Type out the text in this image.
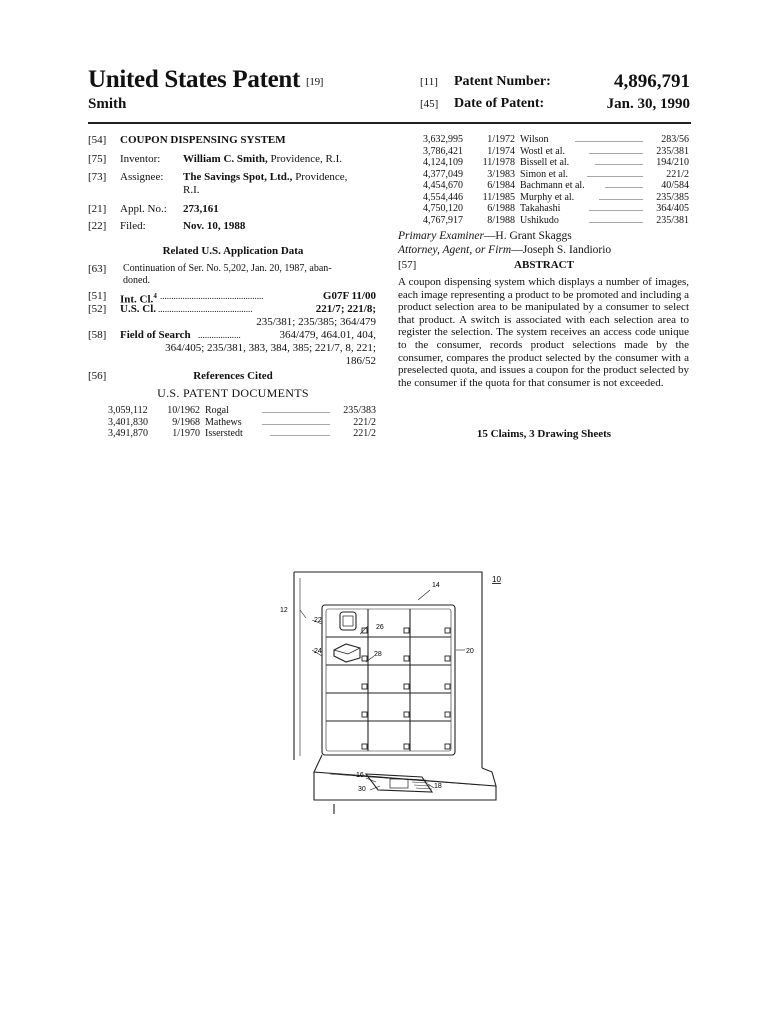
United States Patent [19]
Smith
[11] Patent Number:	4,896,791
[45] Date of Patent:	Jan. 30, 1990
[54] COUPON DISPENSING SYSTEM
[75] Inventor: William C. Smith, Providence, R.I.
[73] Assignee: The Savings Spot, Ltd., Providence,
R.I.
[21] Appl. No.: 273,161
[22] Filed:	Nov. 10, 1988
Related U.S. Application Data
[63] Continuation of Ser. No. 5,202, Jan. 20, 1987, aban-
doned.
[51] Int. Cl.$^4$ ..............................................	G07F 11/00
[52] U.S. Cl. ..........................................	221/7; 221/8;
235/381; 235/385; 364/479
[58] Field of Search ...................	364/479, 464.01, 404,
364/405; 235/381, 383, 384, 385; 221/7, 8, 221;
186/52
[56]	References Cited
U.S. PATENT DOCUMENTS
3,059,112	10/1962 Rogal	.................................. 235/383
3,401,830	9/1968 Mathews	.................................. 221/2
3,491,870	1/1970 Isserstedt	.............................. 221/2
3,632,995	1/1972 Wilson	.................................. 283/56
3,786,421	1/1974 Wostl et al.	........................... 235/381
4,124,109	11/1978 Bissell et al.	........................ 194/210
4,377,049	3/1983 Simon et al. ............................ 221/2
4,454,670	6/1984 Bachmann et al.	................... 40/584
4,554,446	11/1985 Murphy et al.	...................... 235/385
4,750,120	6/1988 Takahashi	........................... 364/405
4,767,917	8/1988 Ushikudo	........................... 235/381
Primary Examiner—H. Grant Skaggs
Attorney, Agent, or Firm—Joseph S. Iandiorio
[57]	ABSTRACT
A coupon dispensing system which displays a number of images, each image representing a product to be promoted and including a product selection area to be manipulated by a consumer to select that product. A switch is associated with each selection area to register the selection. The system receives an access code unique to the consumer, records product selections made by the consumer, compares the product selected by the consumer with a preselected quota, and issues a coupon for the product selected by the consumer if the quota for that consumer is not exceeded.
15 Claims, 3 Drawing Sheets
14
10
12
22
26
24	28	20
16
30	18
